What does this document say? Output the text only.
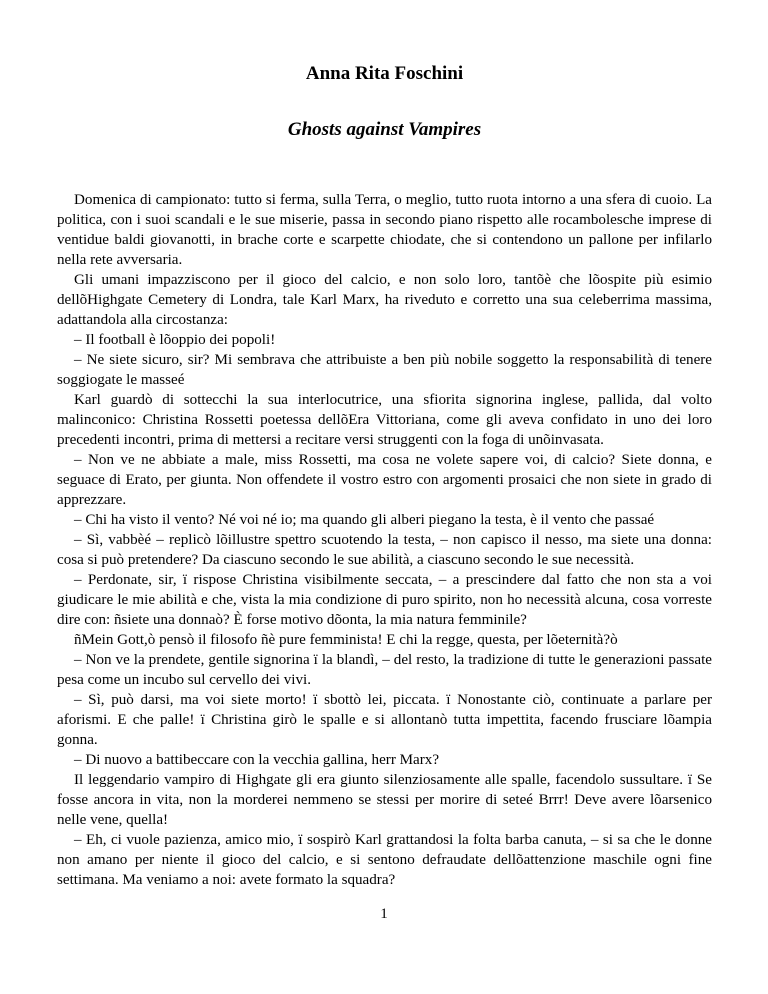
Anna Rita Foschini
Ghosts against Vampires

Domenica di campionato: tutto si ferma, sulla Terra, o meglio, tutto ruota intorno a una sfera di cuoio. La politica, con i suoi scandali e le sue miserie, passa in secondo piano rispetto alle rocambolesche imprese di ventidue baldi giovanotti, in brache corte e scarpette chiodate, che si contendono un pallone per infilarlo nella rete avversaria.

Gli umani impazziscono per il gioco del calcio, e non solo loro, tantõè che lõospite più esimio dellõHighgate Cemetery di Londra, tale Karl Marx, ha riveduto e corretto una sua celeberrima massima, adattandola alla circostanza:

– Il football è lõoppio dei popoli!

– Ne siete sicuro, sir? Mi sembrava che attribuiste a ben più nobile soggetto la responsabilità di tenere soggiogate le masseé

Karl guardò di sottecchi la sua interlocutrice, una sfiorita signorina inglese, pallida, dal volto malinconico: Christina Rossetti poetessa dellõEra Vittoriana, come gli aveva confidato in uno dei loro precedenti incontri, prima di mettersi a recitare versi struggenti con la foga di unõinvasata.

– Non ve ne abbiate a male, miss Rossetti, ma cosa ne volete sapere voi, di calcio? Siete donna, e seguace di Erato, per giunta. Non offendete il vostro estro con argomenti prosaici che non siete in grado di apprezzare.

– Chi ha visto il vento? Né voi né io; ma quando gli alberi piegano la testa, è il vento che passaé

– Sì, vabbèé – replicò lõillustre spettro scuotendo la testa, – non capisco il nesso, ma siete una donna: cosa si può pretendere? Da ciascuno secondo le sue abilità, a ciascuno secondo le sue necessità.

– Perdonate, sir, ï rispose Christina visibilmente seccata, – a prescindere dal fatto che non sta a voi giudicare le mie abilità e che, vista la mia condizione di puro spirito, non ho necessità alcuna, cosa vorreste dire con: ñsiete una donnaò? È forse motivo dõonta, la mia natura femminile?

ñMein Gott,ò pensò il filosofo ñè pure femminista! E chi la regge, questa, per lõeternità?ò

– Non ve la prendete, gentile signorina ï la blandì, – del resto, la tradizione di tutte le generazioni passate pesa come un incubo sul cervello dei vivi.

– Sì, può darsi, ma voi siete morto! ï sbottò lei, piccata. ï Nonostante ciò, continuate a parlare per aforismi. E che palle! ï Christina girò le spalle e si allontanò tutta impettita, facendo frusciare lõampia gonna.

– Di nuovo a battibeccare con la vecchia gallina, herr Marx?

Il leggendario vampiro di Highgate gli era giunto silenziosamente alle spalle, facendolo sussultare. ï Se fosse ancora in vita, non la morderei nemmeno se stessi per morire di seteé Brrr! Deve avere lõarsenico nelle vene, quella!

– Eh, ci vuole pazienza, amico mio, ï sospirò Karl grattandosi la folta barba canuta, – si sa che le donne non amano per niente il gioco del calcio, e si sentono defraudate dellõattenzione maschile ogni fine settimana. Ma veniamo a noi: avete formato la squadra?

1
